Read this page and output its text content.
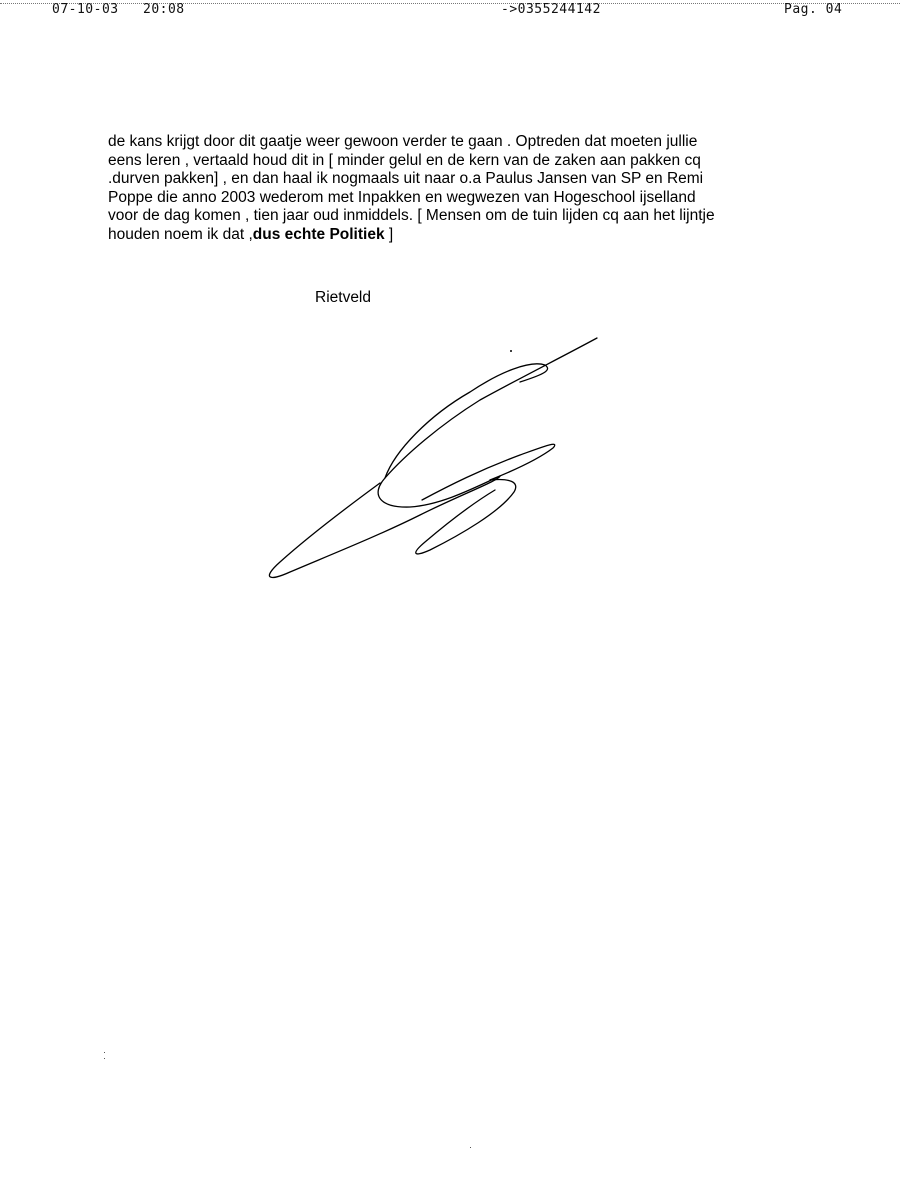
07-10-03 20:08	->0355244142	Pag. 04
de kans krijgt door dit gaatje weer gewoon verder te gaan . Optreden dat moeten jullie
eens leren , vertaald houd dit in [ minder gelul en de kern van de zaken aan pakken cq
.durven pakken] , en dan haal ik nogmaals uit naar o.a Paulus Jansen van SP en Remi
Poppe die anno 2003 wederom met Inpakken en wegwezen van Hogeschool ijselland
voor de dag komen , tien jaar oud inmiddels. [ Mensen om de tuin lijden cq aan het lijntje
houden noem ik dat ,dus echte Politiek ]
Rietveld
